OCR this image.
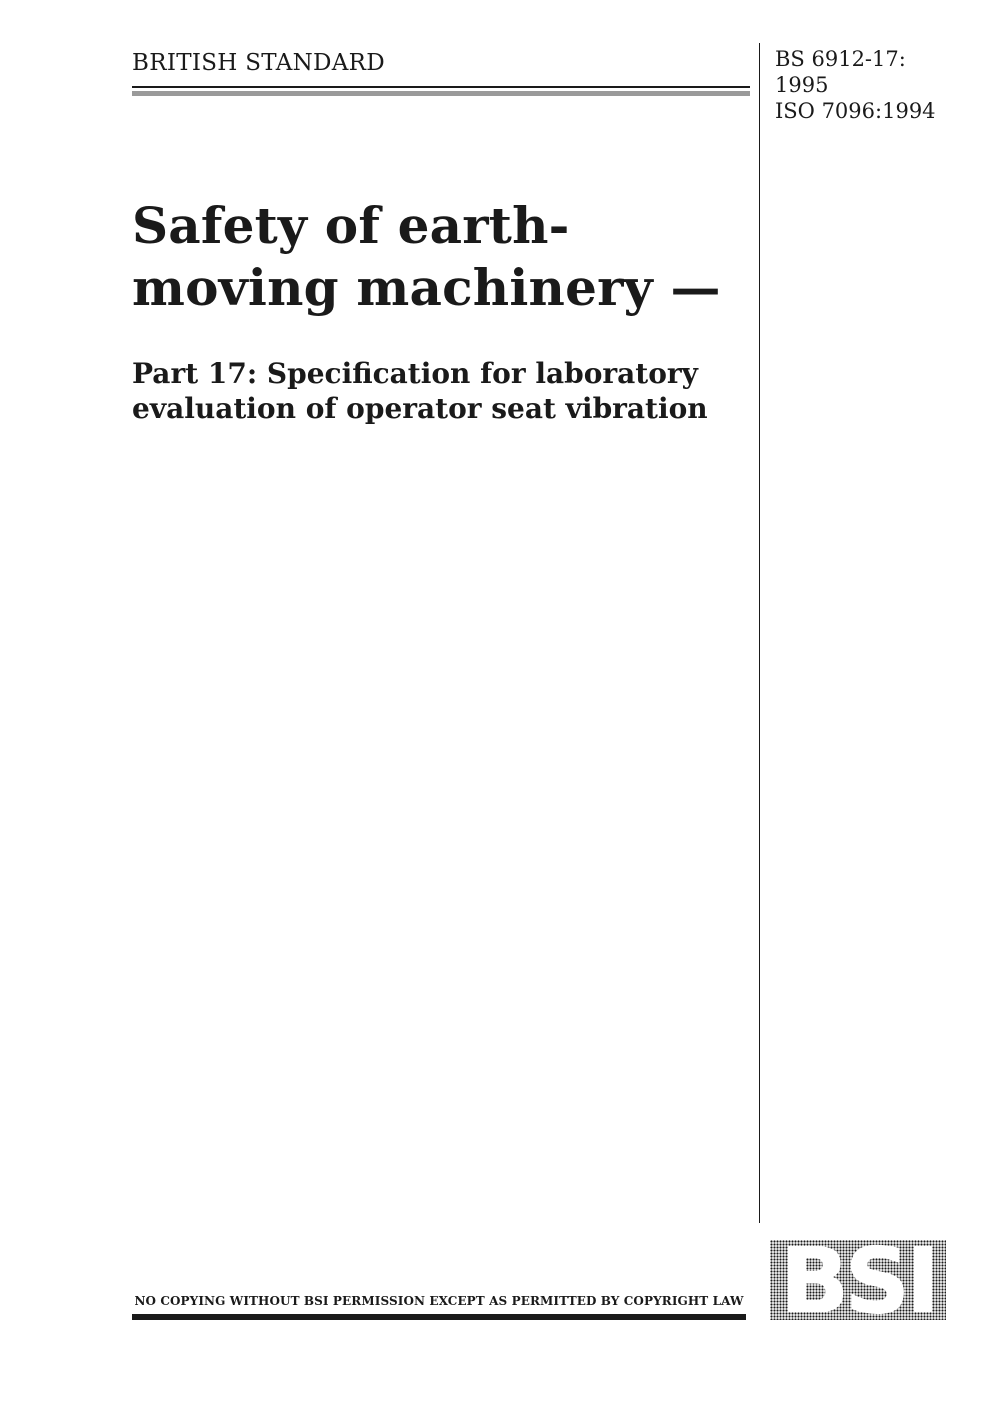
BRITISH STANDARD	BS 6912-17:
1995
ISO 7096:1994
Safety of earth-moving machinery —
Part 17: Specification for laboratory evaluation of operator seat vibration
NO COPYING WITHOUT BSI PERMISSION EXCEPT AS PERMITTED BY COPYRIGHT LAW BSI
